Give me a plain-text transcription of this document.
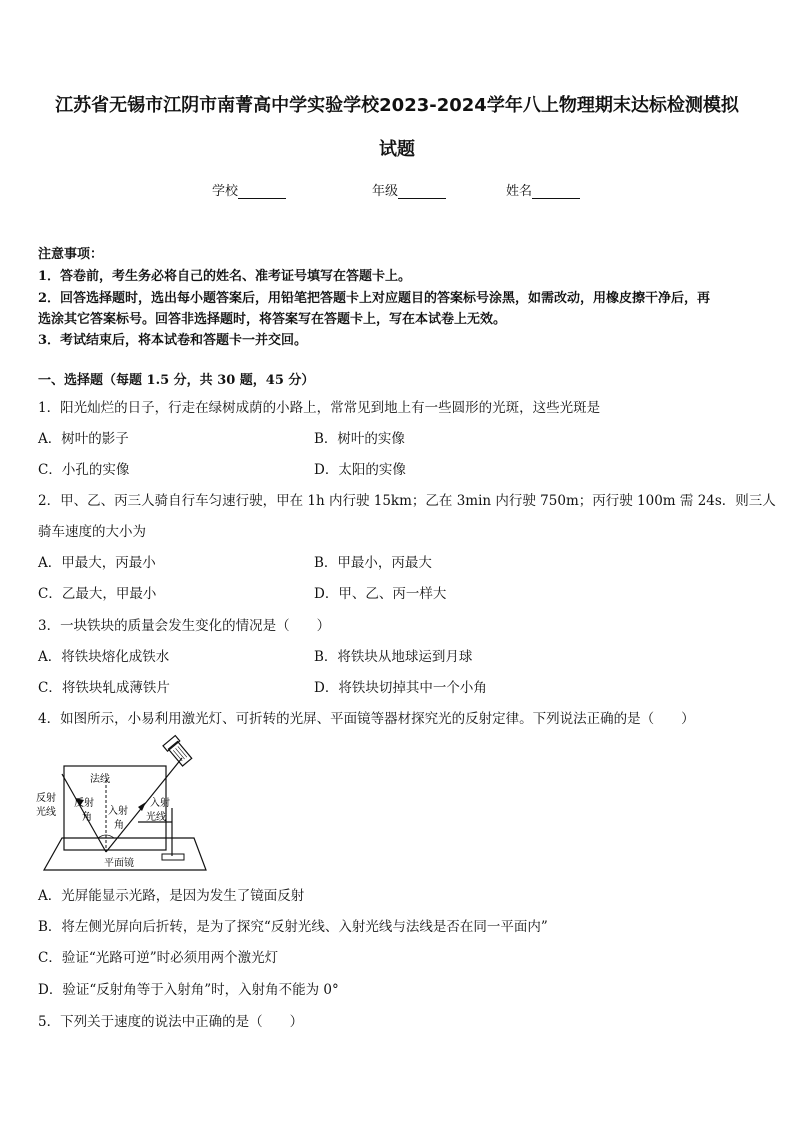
江苏省无锡市江阴市南菁高中学实验学校2023-2024学年八上物理期末达标检测模拟
试题
学校	年级	姓名
注意事项：
1．答卷前，考生务必将自己的姓名、准考证号填写在答题卡上。
2．回答选择题时，选出每小题答案后，用铅笔把答题卡上对应题目的答案标号涂黑，如需改动，用橡皮擦干净后，再
选涂其它答案标号。回答非选择题时，将答案写在答题卡上，写在本试卷上无效。
3．考试结束后，将本试卷和答题卡一并交回。
一、选择题（每题 1.5 分，共 30 题，45 分）
1．阳光灿烂的日子，行走在绿树成荫的小路上，常常见到地上有一些圆形的光斑，这些光斑是
A．树叶的影子	B．树叶的实像
C．小孔的实像	D．太阳的实像
2．甲、乙、丙三人骑自行车匀速行驶，甲在 1h 内行驶 15km；乙在 3min 内行驶 750m；丙行驶 100m 需 24s．则三人
骑车速度的大小为
A．甲最大，丙最小	B．甲最小，丙最大
C．乙最大，甲最小	D．甲、乙、丙一样大
3．一块铁块的质量会发生变化的情况是（　　）
A．将铁块熔化成铁水	B．将铁块从地球运到月球
C．将铁块轧成薄铁片	D．将铁块切掉其中一个小角
4．如图所示，小易利用激光灯、可折转的光屏、平面镜等器材探究光的反射定律。下列说法正确的是（　　）
法线
反射
光线
反射
角
入射
角
入射
光线
平面镜
A．光屏能显示光路，是因为发生了镜面反射
B．将左侧光屏向后折转，是为了探究“反射光线、入射光线与法线是否在同一平面内”
C．验证“光路可逆”时必须用两个激光灯
D．验证“反射角等于入射角”时，入射角不能为 0°
5．下列关于速度的说法中正确的是（　　）
